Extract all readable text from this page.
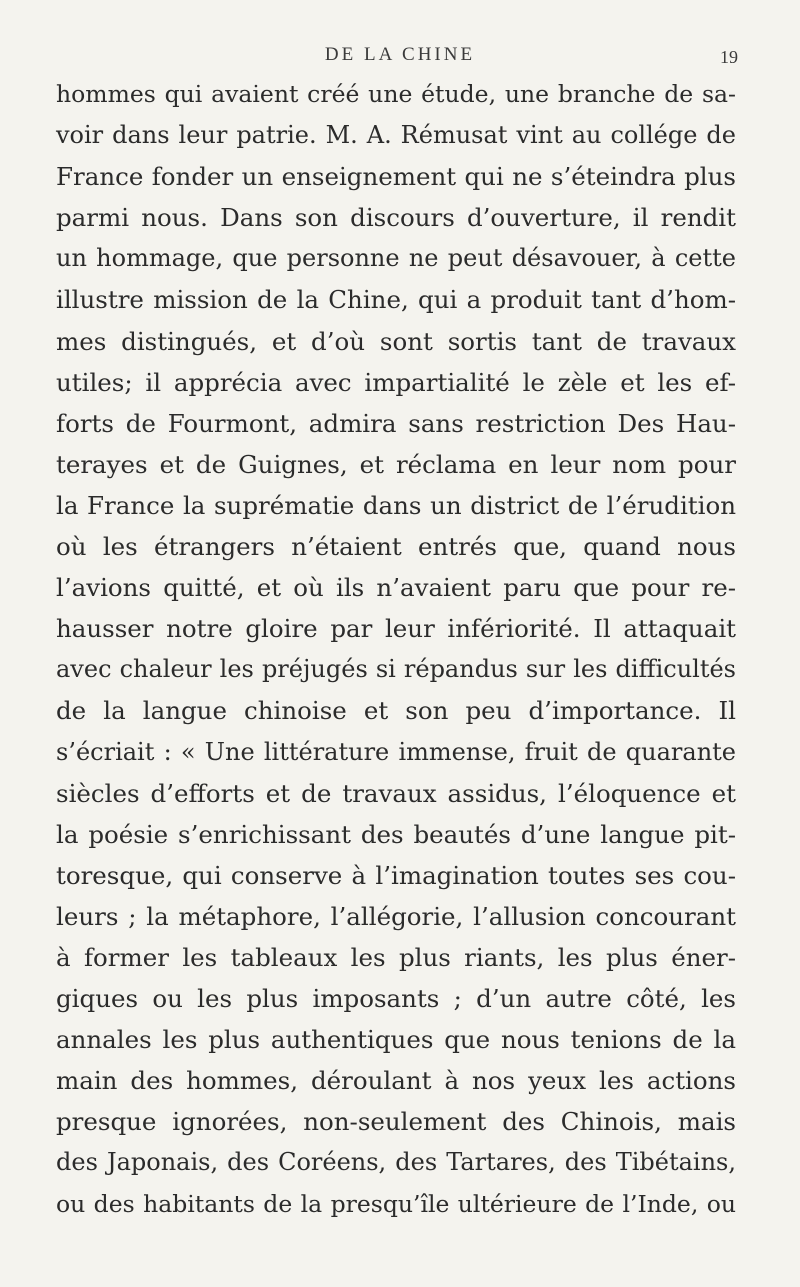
DE LA CHINE	19
hommes qui avaient créé une étude, une branche de sa-
voir dans leur patrie. M. A. Rémusat vint au collége de
France fonder un enseignement qui ne s’éteindra plus
parmi nous. Dans son discours d’ouverture, il rendit
un hommage, que personne ne peut désavouer, à cette
illustre mission de la Chine, qui a produit tant d’hom-
mes distingués, et d’où sont sortis tant de travaux
utiles; il apprécia avec impartialité le zèle et les ef-
forts de Fourmont, admira sans restriction Des Hau-
terayes et de Guignes, et réclama en leur nom pour
la France la suprématie dans un district de l’érudition
où les étrangers n’étaient entrés que, quand nous
l’avions quitté, et où ils n’avaient paru que pour re-
hausser notre gloire par leur infériorité. Il attaquait
avec chaleur les préjugés si répandus sur les difficultés
de la langue chinoise et son peu d’importance. Il
s’écriait : « Une littérature immense, fruit de quarante
siècles d’efforts et de travaux assidus, l’éloquence et
la poésie s’enrichissant des beautés d’une langue pit-
toresque, qui conserve à l’imagination toutes ses cou-
leurs ; la métaphore, l’allégorie, l’allusion concourant
à former les tableaux les plus riants, les plus éner-
giques ou les plus imposants ; d’un autre côté, les
annales les plus authentiques que nous tenions de la
main des hommes, déroulant à nos yeux les actions
presque ignorées, non-seulement des Chinois, mais
des Japonais, des Coréens, des Tartares, des Tibétains,
ou des habitants de la presqu’île ultérieure de l’Inde, ou
